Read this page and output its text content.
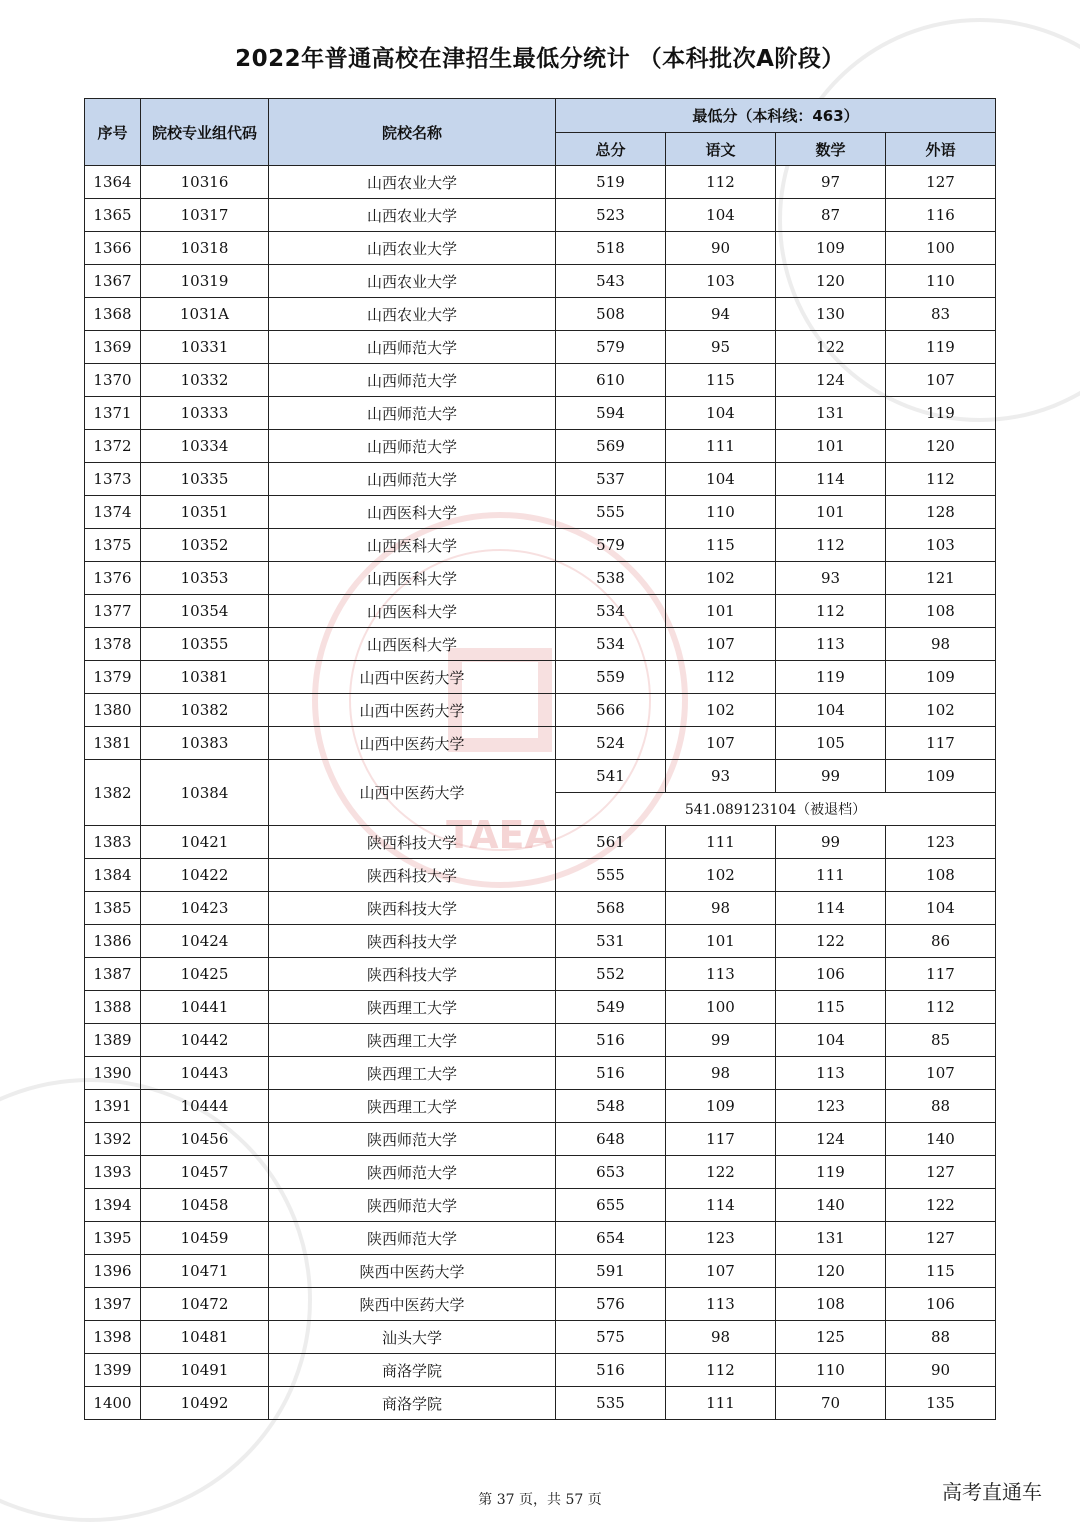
TAEA
2022年普通高校在津招生最低分统计 （本科批次A阶段）
序号	院校专业组代码	院校名称	最低分（本科线：463）			
			总分	语文	数学	外语
1364	10316	山西农业大学	519	112	97	127
1365	10317	山西农业大学	523	104	87	116
1366	10318	山西农业大学	518	90	109	100
1367	10319	山西农业大学	543	103	120	110
1368	1031A	山西农业大学	508	94	130	83
1369	10331	山西师范大学	579	95	122	119
1370	10332	山西师范大学	610	115	124	107
1371	10333	山西师范大学	594	104	131	119
1372	10334	山西师范大学	569	111	101	120
1373	10335	山西师范大学	537	104	114	112
1374	10351	山西医科大学	555	110	101	128
1375	10352	山西医科大学	579	115	112	103
1376	10353	山西医科大学	538	102	93	121
1377	10354	山西医科大学	534	101	112	108
1378	10355	山西医科大学	534	107	113	98
1379	10381	山西中医药大学	559	112	119	109
1380	10382	山西中医药大学	566	102	104	102
1381	10383	山西中医药大学	524	107	105	117
1382	10384	山西中医药大学	541	93	99	109
			541.089123104（被退档）			
1383	10421	陕西科技大学	561	111	99	123
1384	10422	陕西科技大学	555	102	111	108
1385	10423	陕西科技大学	568	98	114	104
1386	10424	陕西科技大学	531	101	122	86
1387	10425	陕西科技大学	552	113	106	117
1388	10441	陕西理工大学	549	100	115	112
1389	10442	陕西理工大学	516	99	104	85
1390	10443	陕西理工大学	516	98	113	107
1391	10444	陕西理工大学	548	109	123	88
1392	10456	陕西师范大学	648	117	124	140
1393	10457	陕西师范大学	653	122	119	127
1394	10458	陕西师范大学	655	114	140	122
1395	10459	陕西师范大学	654	123	131	127
1396	10471	陕西中医药大学	591	107	120	115
1397	10472	陕西中医药大学	576	113	108	106
1398	10481	汕头大学	575	98	125	88
1399	10491	商洛学院	516	112	110	90
1400	10492	商洛学院	535	111	70	135
第 37 页，共 57 页	高考直通车
